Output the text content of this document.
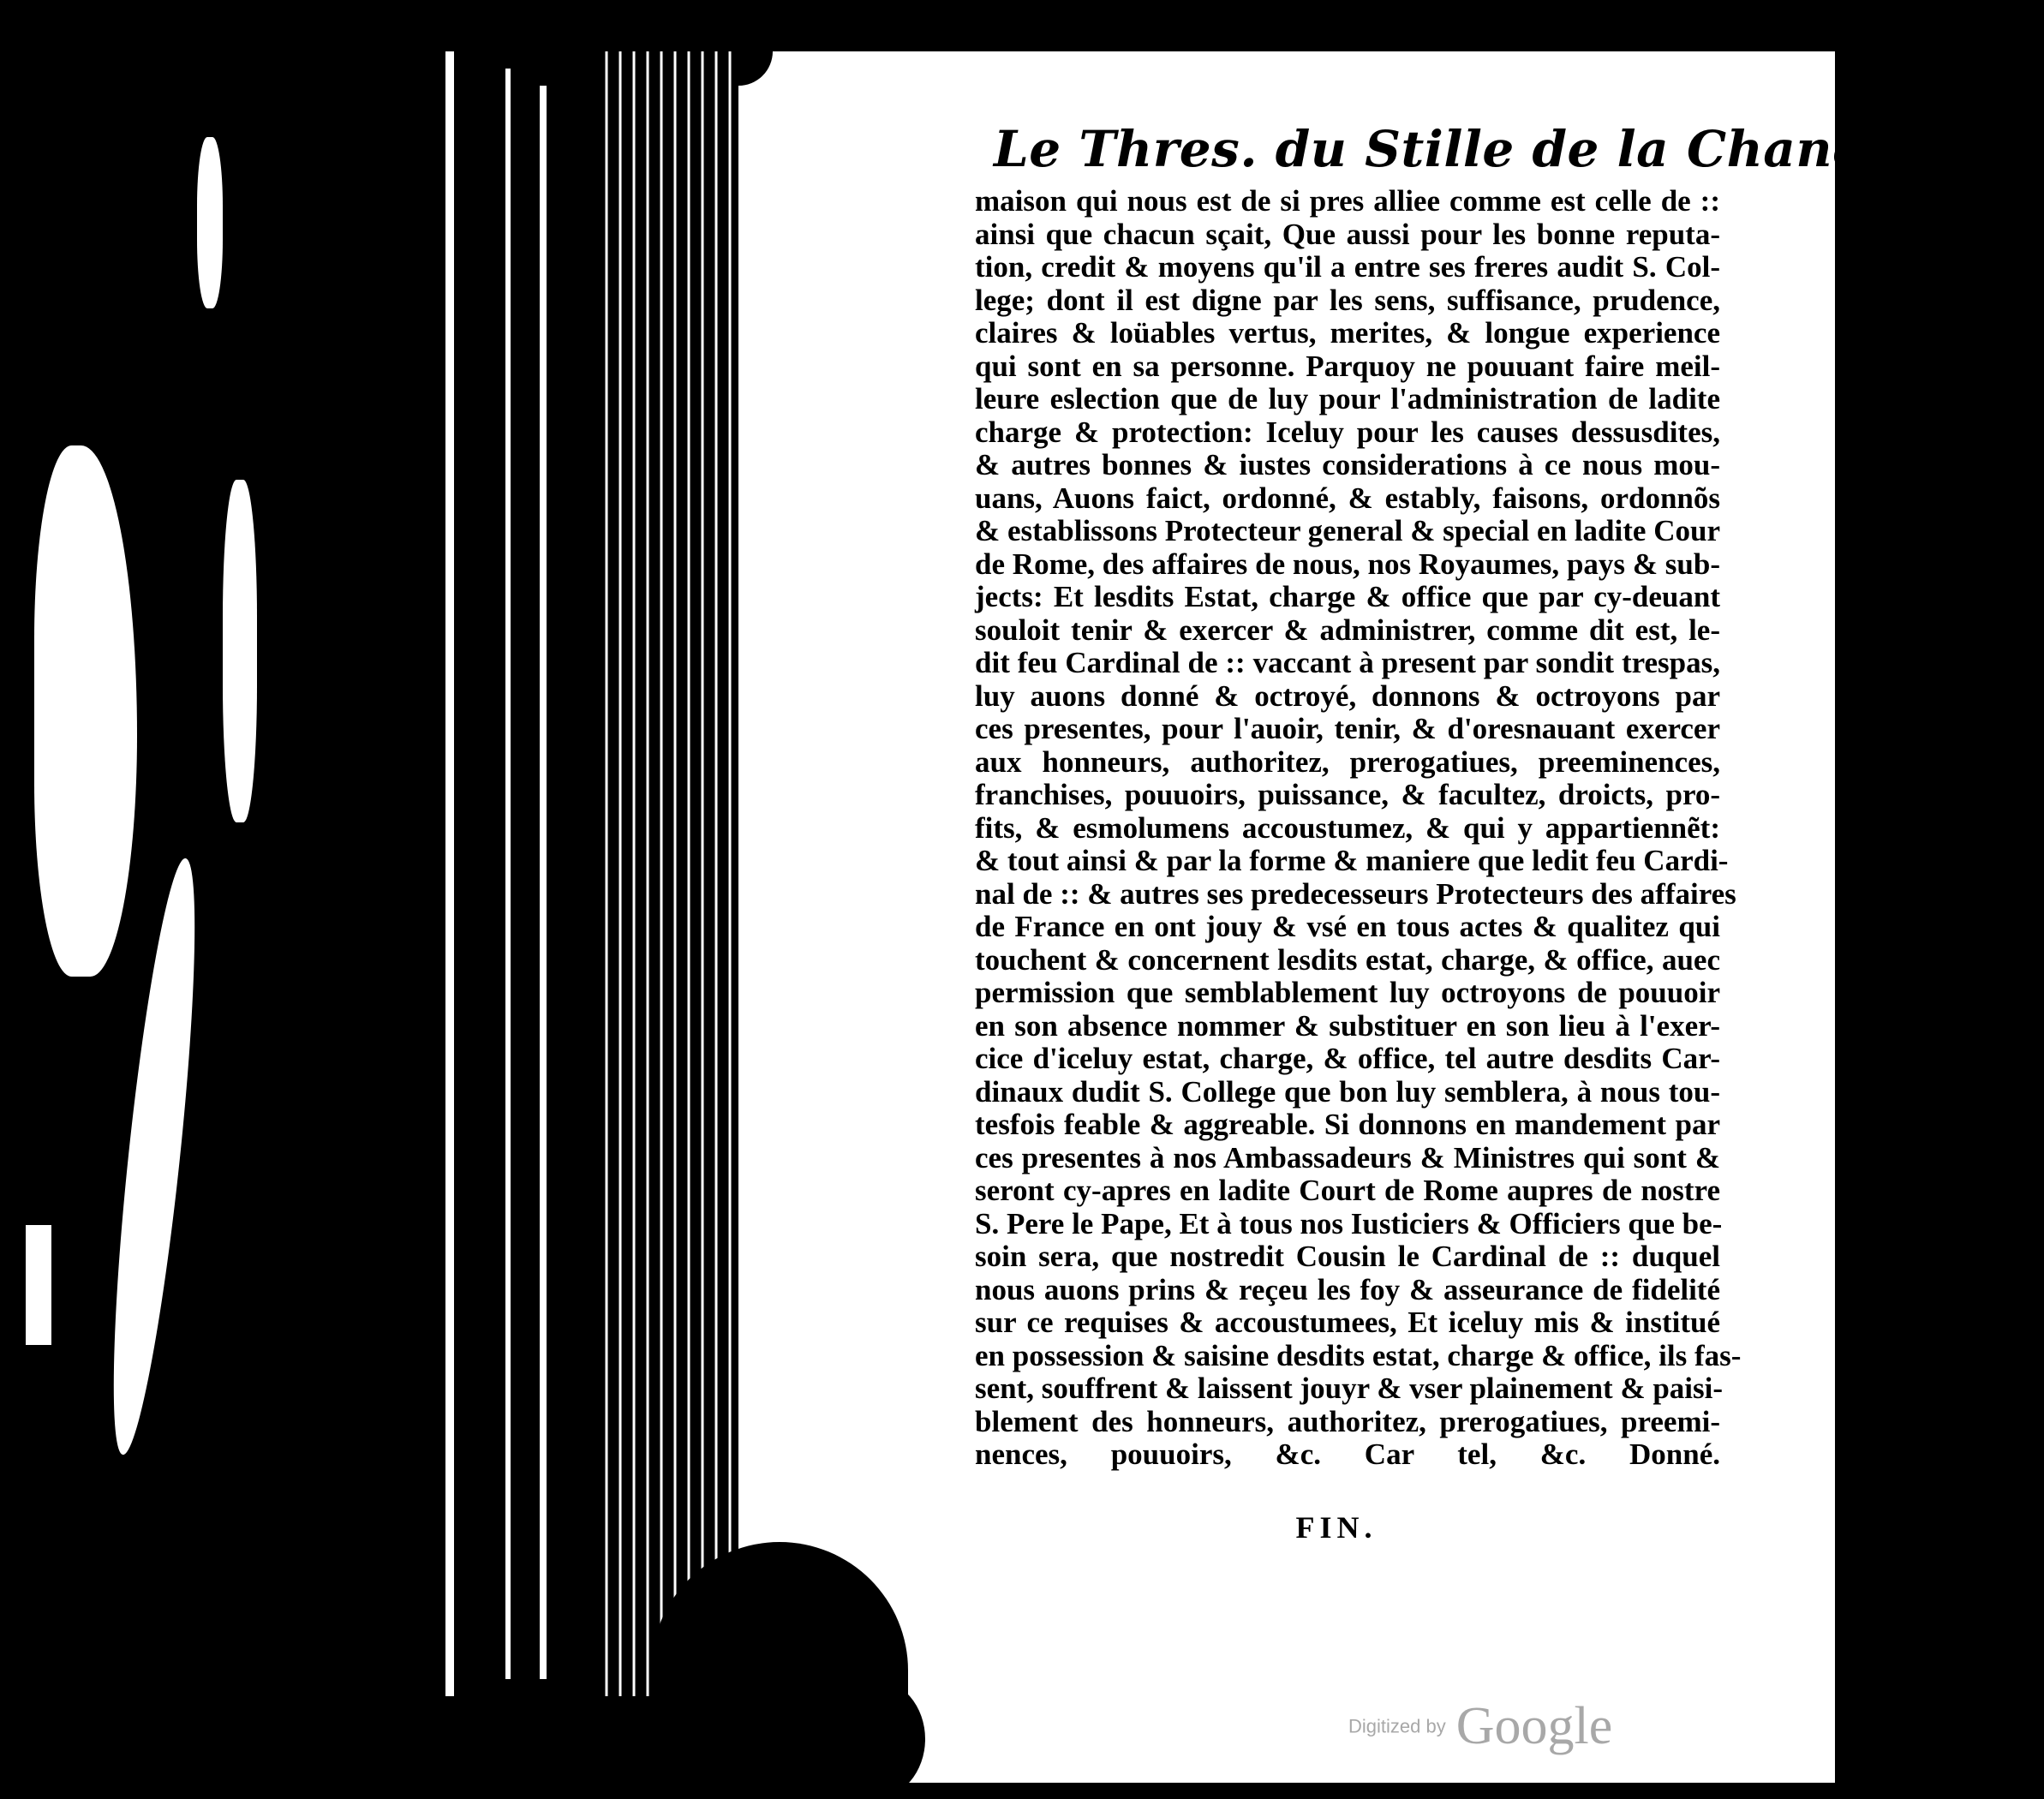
Le Thres. du Stille de la Chancel. &c.
maison qui nous est de si pres alliee comme est celle de ::
ainsi que chacun sçait, Que aussi pour les bonne reputa-
tion, credit & moyens qu'il a entre ses freres audit S. Col-
lege; dont il est digne par les sens, suffisance, prudence,
claires & loüables vertus, merites, & longue experience
qui sont en sa personne. Parquoy ne pouuant faire meil-
leure eslection que de luy pour l'administration de ladite
charge & protection: Iceluy pour les causes dessusdites,
& autres bonnes & iustes considerations à ce nous mou-
uans, Auons faict, ordonné, & estably, faisons, ordonnõs
& establissons Protecteur general & special en ladite Cour
de Rome, des affaires de nous, nos Royaumes, pays & sub-
jects: Et lesdits Estat, charge & office que par cy-deuant
souloit tenir & exercer & administrer, comme dit est, le-
dit feu Cardinal de :: vaccant à present par sondit trespas,
luy auons donné & octroyé, donnons & octroyons par
ces presentes, pour l'auoir, tenir, & d'oresnauant exercer
aux honneurs, authoritez, prerogatiues, preeminences,
franchises, pouuoirs, puissance, & facultez, droicts, pro-
fits, & esmolumens accoustumez, & qui y appartiennẽt:
& tout ainsi & par la forme & maniere que ledit feu Cardi-
nal de :: & autres ses predecesseurs Protecteurs des affaires
de France en ont jouy & vsé en tous actes & qualitez qui
touchent & concernent lesdits estat, charge, & office, auec
permission que semblablement luy octroyons de pouuoir
en son absence nommer & substituer en son lieu à l'exer-
cice d'iceluy estat, charge, & office, tel autre desdits Car-
dinaux dudit S. College que bon luy semblera, à nous tou-
tesfois feable & aggreable. Si donnons en mandement par
ces presentes à nos Ambassadeurs & Ministres qui sont &
seront cy-apres en ladite Court de Rome aupres de nostre
S. Pere le Pape, Et à tous nos Iusticiers & Officiers que be-
soin sera, que nostredit Cousin le Cardinal de :: duquel
nous auons prins & reçeu les foy & asseurance de fidelité
sur ce requises & accoustumees, Et iceluy mis & institué
en possession & saisine desdits estat, charge & office, ils fas-
sent, souffrent & laissent jouyr & vser plainement & paisi-
blement des honneurs, authoritez, prerogatiues, preemi-
nences, pouuoirs, &c. Car tel, &c. Donné.
FIN.
Digitized by Google
